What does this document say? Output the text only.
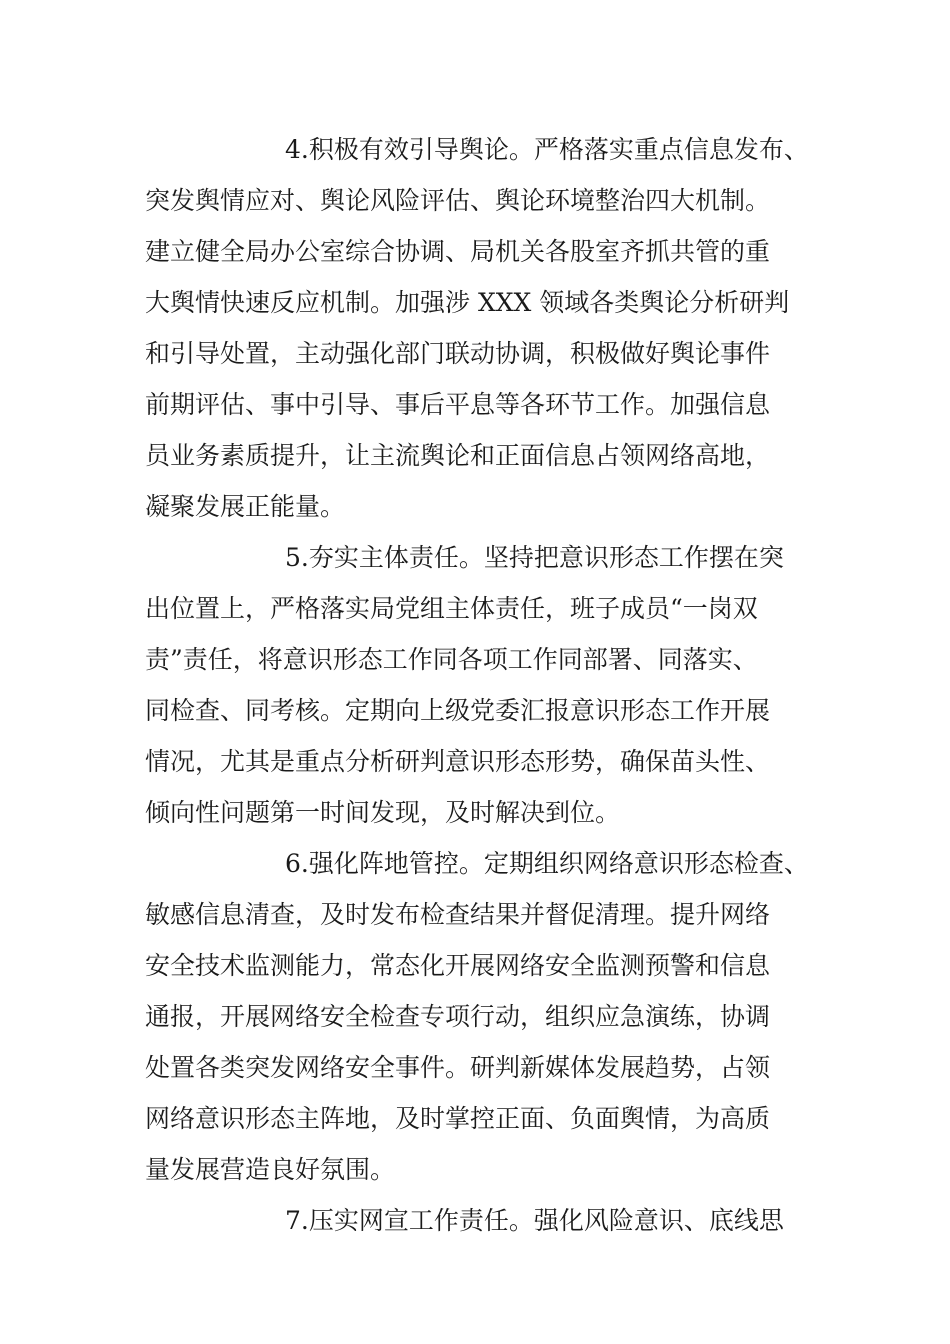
4.积极有效引导舆论。严格落实重点信息发布、
突发舆情应对、舆论风险评估、舆论环境整治四大机制。
建立健全局办公室综合协调、局机关各股室齐抓共管的重
大舆情快速反应机制。加强涉 XXX 领域各类舆论分析研判
和引导处置，主动强化部门联动协调，积极做好舆论事件
前期评估、事中引导、事后平息等各环节工作。加强信息
员业务素质提升，让主流舆论和正面信息占领网络高地，
凝聚发展正能量。
5.夯实主体责任。坚持把意识形态工作摆在突
出位置上，严格落实局党组主体责任，班子成员“一岗双
责”责任，将意识形态工作同各项工作同部署、同落实、
同检查、同考核。定期向上级党委汇报意识形态工作开展
情况，尤其是重点分析研判意识形态形势，确保苗头性、
倾向性问题第一时间发现，及时解决到位。
6.强化阵地管控。定期组织网络意识形态检查、
敏感信息清查，及时发布检查结果并督促清理。提升网络
安全技术监测能力，常态化开展网络安全监测预警和信息
通报，开展网络安全检查专项行动，组织应急演练，协调
处置各类突发网络安全事件。研判新媒体发展趋势，占领
网络意识形态主阵地，及时掌控正面、负面舆情，为高质
量发展营造良好氛围。
7.压实网宣工作责任。强化风险意识、底线思
